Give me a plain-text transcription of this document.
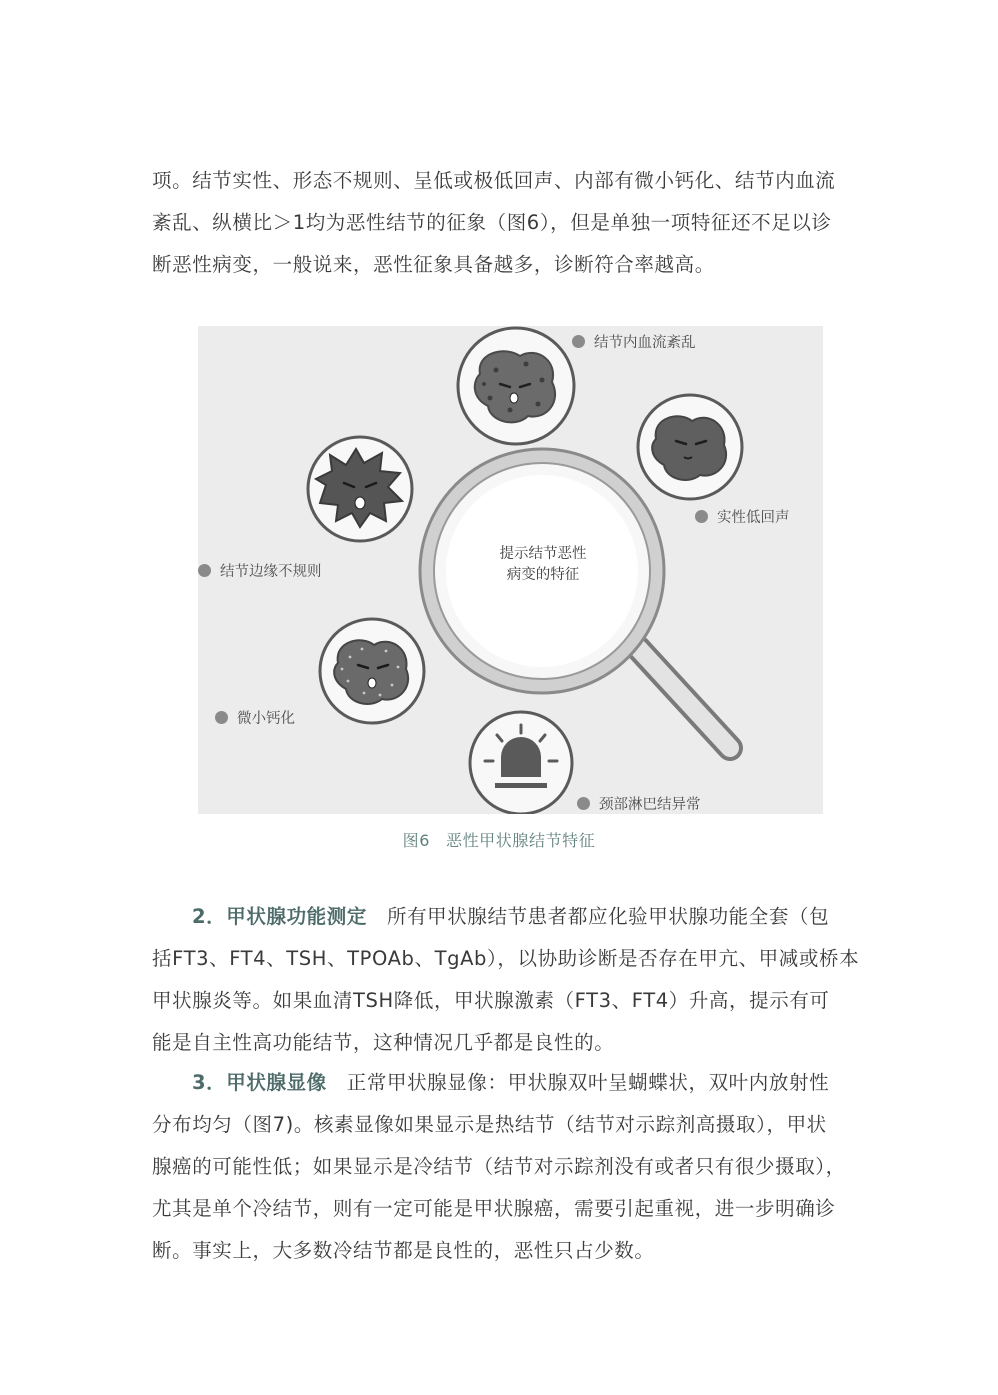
项。结节实性、形态不规则、呈低或极低回声、内部有微小钙化、结节内血流
紊乱、纵横比＞1均为恶性结节的征象（图6），但是单独一项特征还不足以诊
断恶性病变，一般说来，恶性征象具备越多，诊断符合率越高。
提示结节恶性
病变的特征
结节内血流紊乱
实性低回声
结节边缘不规则
微小钙化
颈部淋巴结异常
图6 恶性甲状腺结节特征
2．甲状腺功能测定 所有甲状腺结节患者都应化验甲状腺功能全套（包
括FT3、FT4、TSH、TPOAb、TgAb），以协助诊断是否存在甲亢、甲减或桥本
甲状腺炎等。如果血清TSH降低，甲状腺激素（FT3、FT4）升高，提示有可
能是自主性高功能结节，这种情况几乎都是良性的。
3．甲状腺显像 正常甲状腺显像：甲状腺双叶呈蝴蝶状，双叶内放射性
分布均匀（图7)。核素显像如果显示是热结节（结节对示踪剂高摄取），甲状
腺癌的可能性低；如果显示是冷结节（结节对示踪剂没有或者只有很少摄取），
尤其是单个冷结节，则有一定可能是甲状腺癌，需要引起重视，进一步明确诊
断。事实上，大多数冷结节都是良性的，恶性只占少数。
